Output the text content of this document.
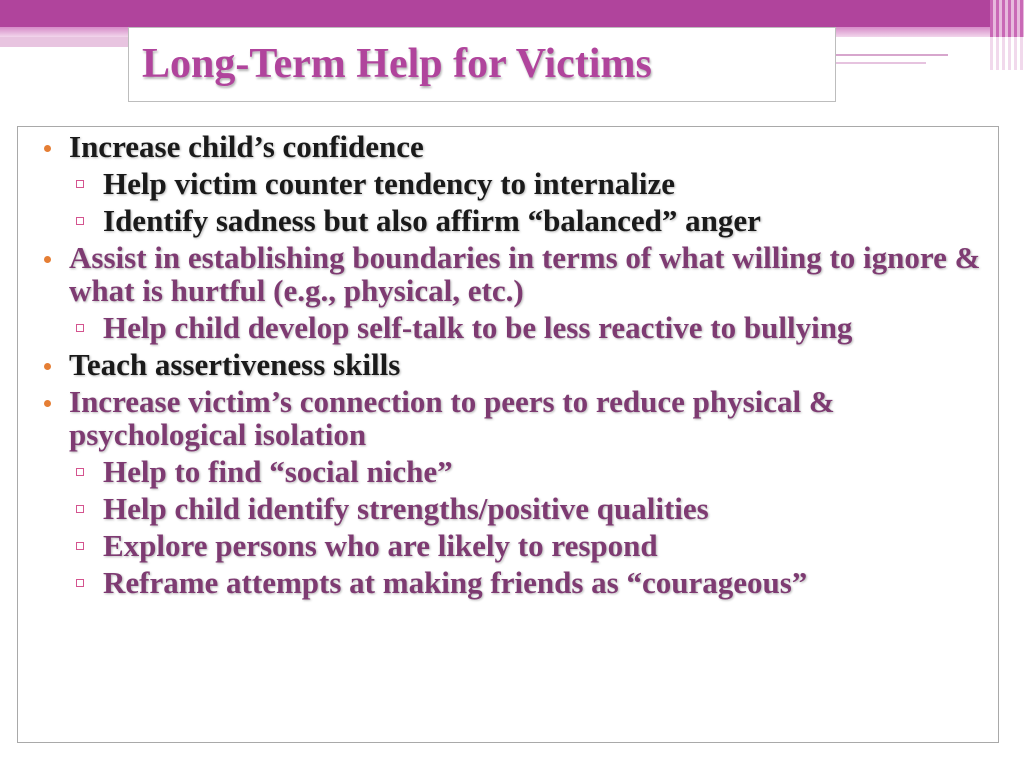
Long-Term Help for Victims
Increase child’s confidence
Help victim counter tendency to internalize
Identify sadness but also affirm “balanced” anger
Assist in establishing boundaries in terms of what willing to ignore & what is hurtful (e.g., physical, etc.)
Help child develop self-talk to be less reactive to bullying
Teach assertiveness skills
Increase victim’s connection to peers to reduce physical & psychological isolation
Help to find “social niche”
Help child identify strengths/positive qualities
Explore persons who are likely to respond
Reframe attempts at making friends as “courageous”
